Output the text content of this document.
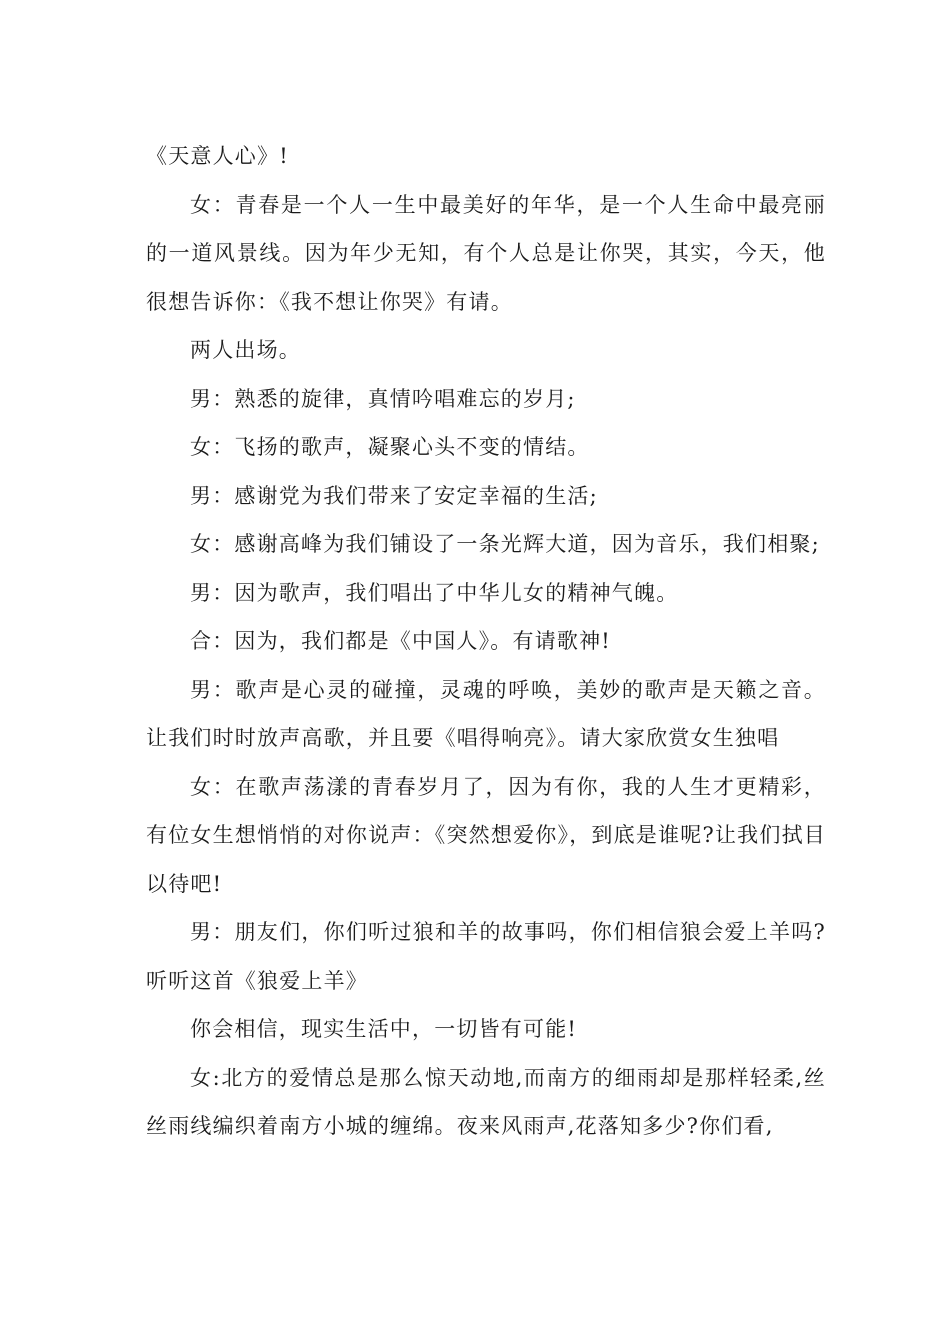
《天意人心》!

女：青春是一个人一生中最美好的年华，是一个人生命中最亮丽的一道风景线。因为年少无知，有个人总是让你哭，其实，今天，他很想告诉你：《我不想让你哭》有请。

两人出场。

男：熟悉的旋律，真情吟唱难忘的岁月;

女：飞扬的歌声，凝聚心头不变的情结。

男：感谢党为我们带来了安定幸福的生活;

女：感谢高峰为我们铺设了一条光辉大道，因为音乐，我们相聚;

男：因为歌声，我们唱出了中华儿女的精神气魄。

合：因为，我们都是《中国人》。有请歌神!

男：歌声是心灵的碰撞，灵魂的呼唤，美妙的歌声是天籁之音。让我们时时放声高歌，并且要《唱得响亮》。请大家欣赏女生独唱

女：在歌声荡漾的青春岁月了，因为有你，我的人生才更精彩，有位女生想悄悄的对你说声：《突然想爱你》，到底是谁呢?让我们拭目以待吧!

男：朋友们，你们听过狼和羊的故事吗，你们相信狼会爱上羊吗?听听这首《狼爱上羊》

你会相信，现实生活中，一切皆有可能!

女:北方的爱情总是那么惊天动地,而南方的细雨却是那样轻柔,丝丝雨线编织着南方小城的缠绵。夜来风雨声,花落知多少?你们看,
